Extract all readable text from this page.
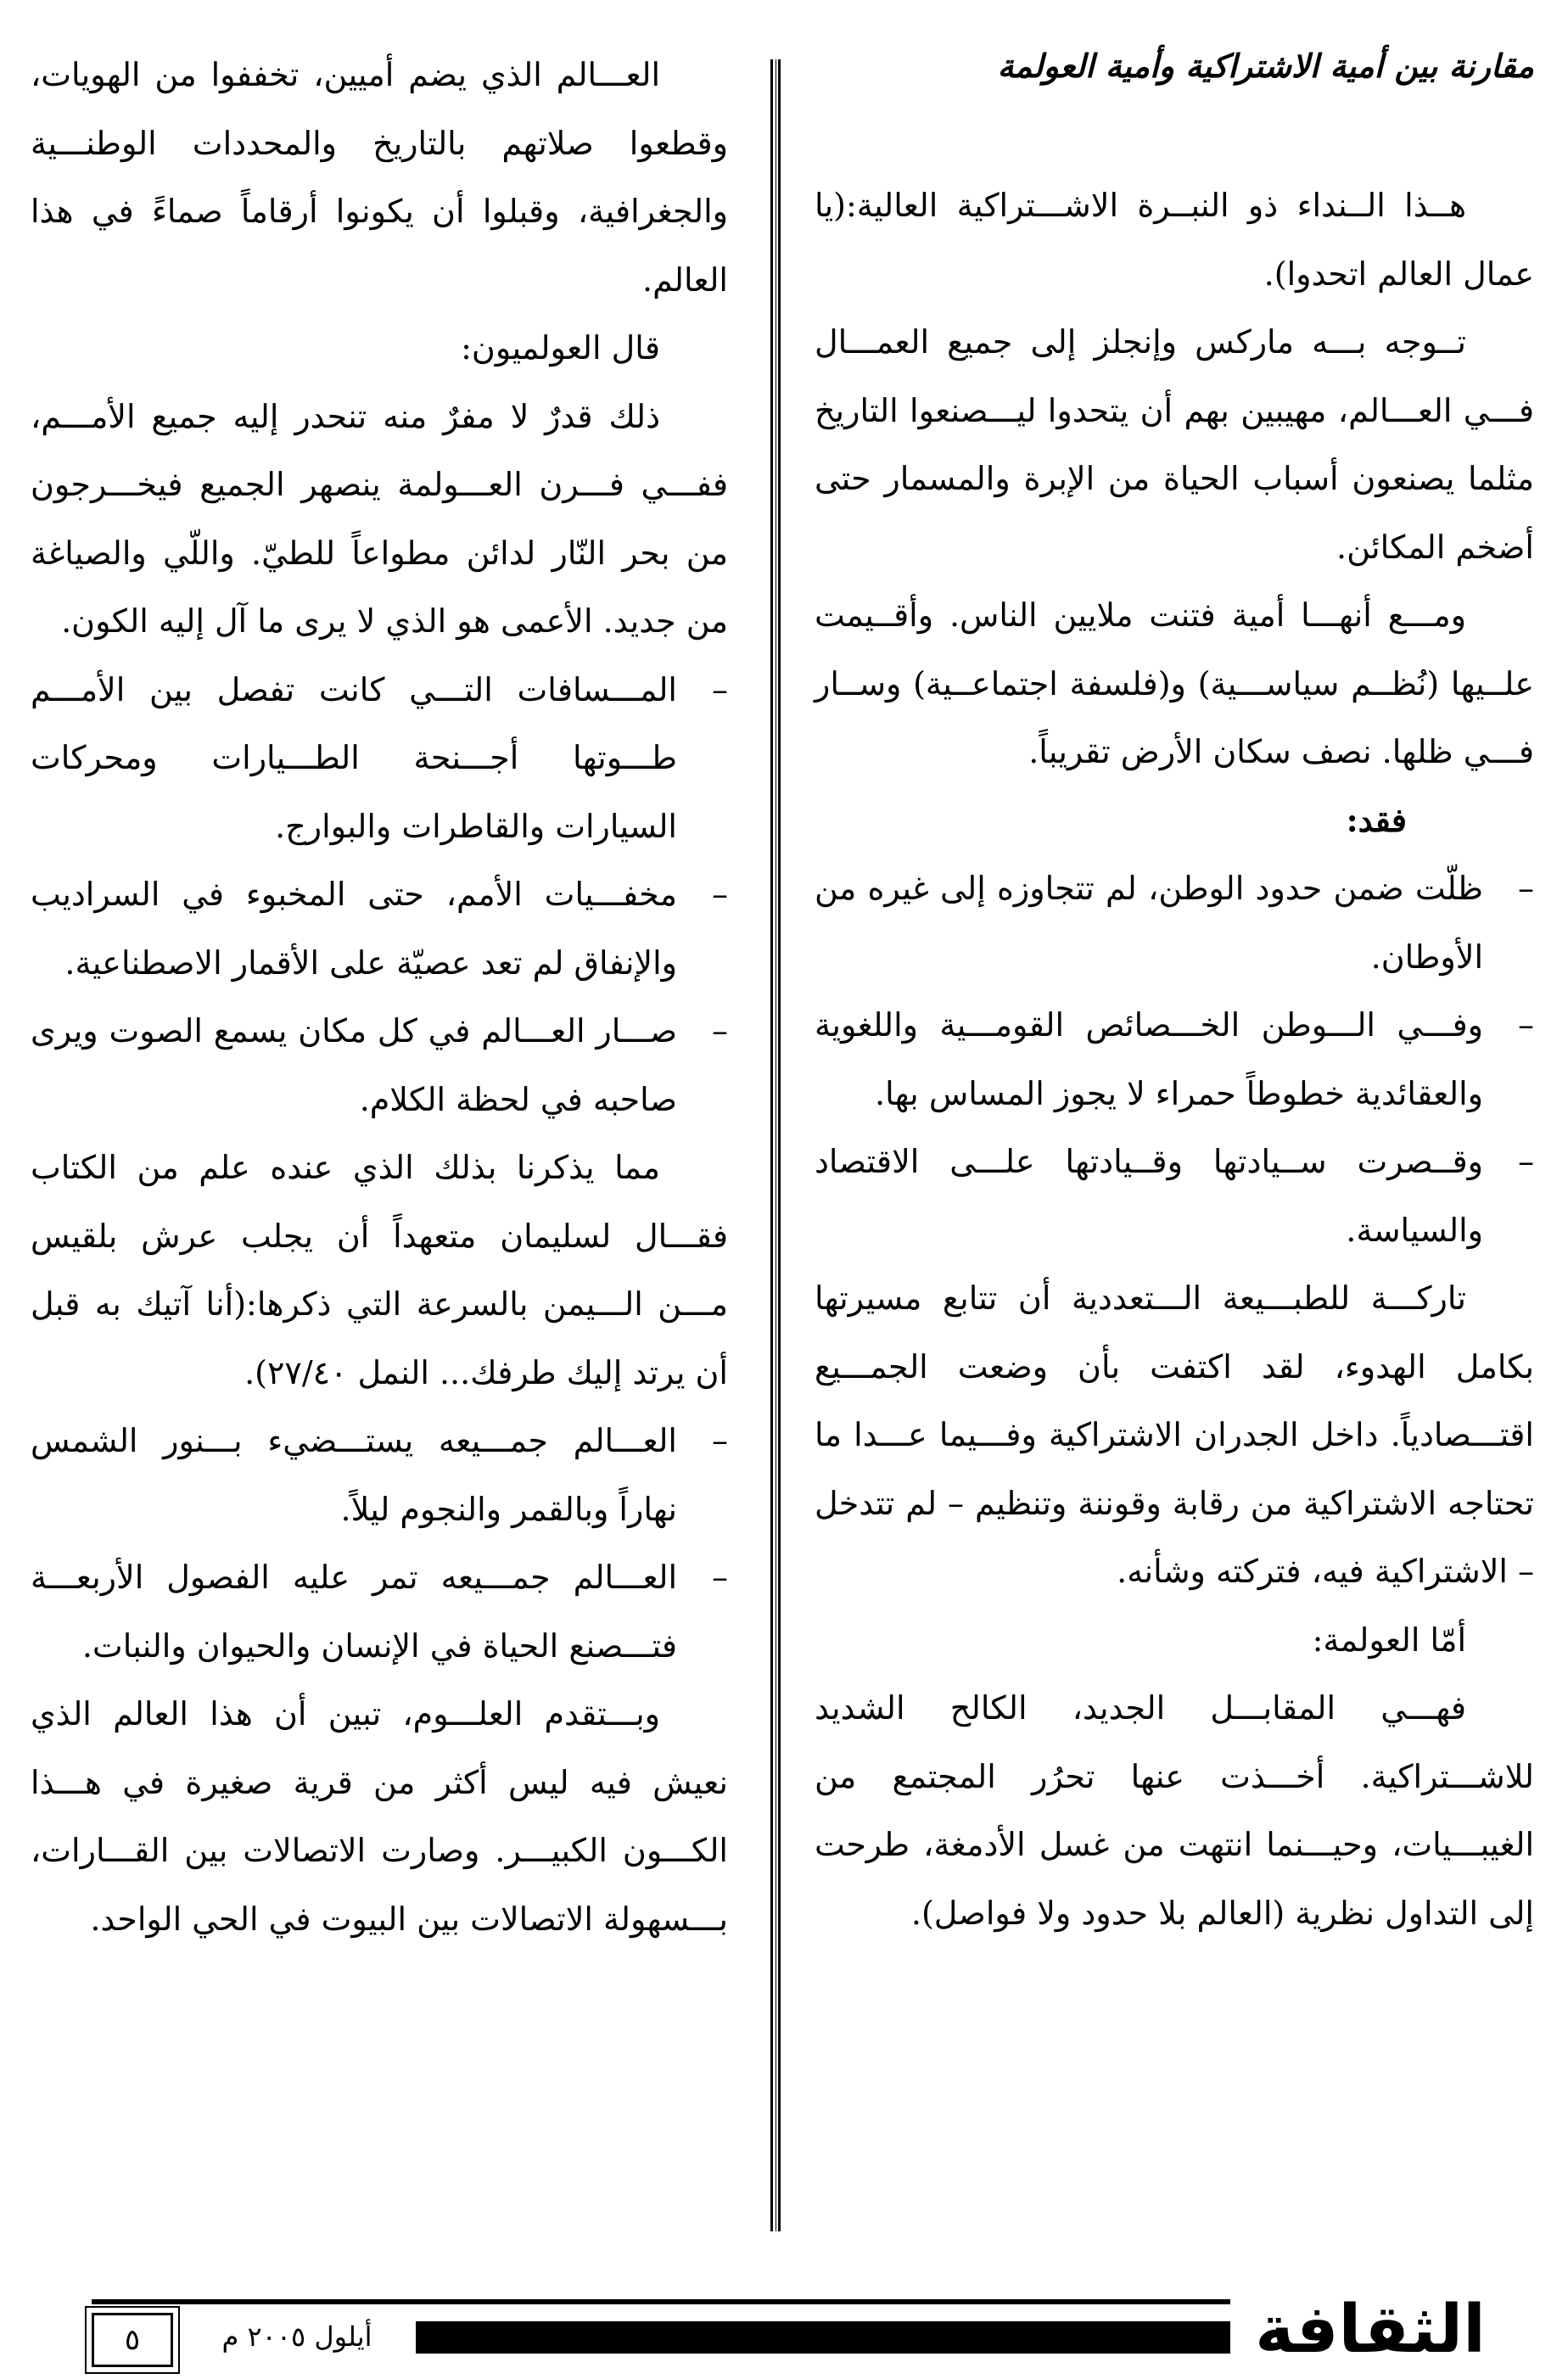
مقارنة بين أمية الاشتراكية وأمية العولمة

هــذا الــنداء ذو النبــرة الاشـــتراكية العالية:(يا عمال العالم اتحدوا).

تــوجه بـــه ماركس وإنجلز إلى جميع العمـــال فـــي العـــالم، مهيبين بهم أن يتحدوا ليـــصنعوا التاريخ مثلما يصنعون أسباب الحياة من الإبرة والمسمار حتى أضخم المكائن.

ومـــع أنهـــا أمية فتنت ملايين الناس. وأقــيمت علــيها (نُظــم سياســـية) و(فلسفة اجتماعــية) وســار فـــي ظلها. نصف سكان الأرض تقريباً.

فقد:

–
ظلّت ضمن حدود الوطن، لم تتجاوزه إلى غيره من الأوطان.

–
وفـــي الـــوطن الخـــصائص القومـــية واللغوية والعقائدية خطوطاً حمراء لا يجوز المساس بها.

–
وقــصرت ســيادتها وقــيادتها علـــى الاقتصاد والسياسة.

تاركـــة للطبـــيعة الـــتعددية أن تتابع مسيرتها بكامل الهدوء، لقد اكتفت بأن وضعت الجمـــيع اقتـــصادياً. داخل الجدران الاشتراكية وفـــيما عـــدا ما تحتاجه الاشتراكية من رقابة وقوننة وتنظيم – لم تتدخل – الاشتراكية فيه، فتركته وشأنه.

أمّا العولمة:

فهـــي المقابـــل الجديد، الكالح الشديد للاشـــتراكية. أخـــذت عنها تحرُر المجتمع من الغيبـــيات، وحيـــنما انتهت من غسل الأدمغة، طرحت إلى التداول نظرية (العالم بلا حدود ولا فواصل).

العـــالم الذي يضم أميين، تخففوا من الهويات، وقطعوا صلاتهم بالتاريخ والمحددات الوطنـــية والجغرافية، وقبلوا أن يكونوا أرقاماً صماءً في هذا العالم.

قال العولميون:

ذلك قدرٌ لا مفرٌ منه تنحدر إليه جميع الأمـــم، ففـــي فـــرن العـــولمة ينصهر الجميع فيخـــرجون من بحر النّار لدائن مطواعاً للطيّ. واللّي والصياغة من جديد. الأعمى هو الذي لا يرى ما آل إليه الكون.

–
المـــسافات التـــي كانت تفصل بين الأمـــم طـــوتها أجـــنحة الطـــيارات ومحركات السيارات والقاطرات والبوارج.

–
مخفـــيات الأمم، حتى المخبوء في السراديب والإنفاق لم تعد عصيّة على الأقمار الاصطناعية.

–
صـــار العـــالم في كل مكان يسمع الصوت ويرى صاحبه في لحظة الكلام.

مما يذكرنا بذلك الذي عنده علم من الكتاب فقـــال لسليمان متعهداً أن يجلب عرش بلقيس مـــن الـــيمن بالسرعة التي ذكرها:(أنا آتيك به قبل أن يرتد إليك طرفك... النمل ٢٧/٤٠).

–
العـــالم جمـــيعه يستـــضيء بـــنور الشمس نهاراً وبالقمر والنجوم ليلاً.

–
العـــالم جمـــيعه تمر عليه الفصول الأربعـــة فتـــصنع الحياة في الإنسان والحيوان والنبات.

وبـــتقدم العلـــوم، تبين أن هذا العالم الذي نعيش فيه ليس أكثر من قرية صغيرة في هـــذا الكـــون الكبيـــر. وصارت الاتصالات بين القـــارات، بـــسهولة الاتصالات بين البيوت في الحي الواحد.

الثقافة
أيلول ٢٠٠٥ م
٥
